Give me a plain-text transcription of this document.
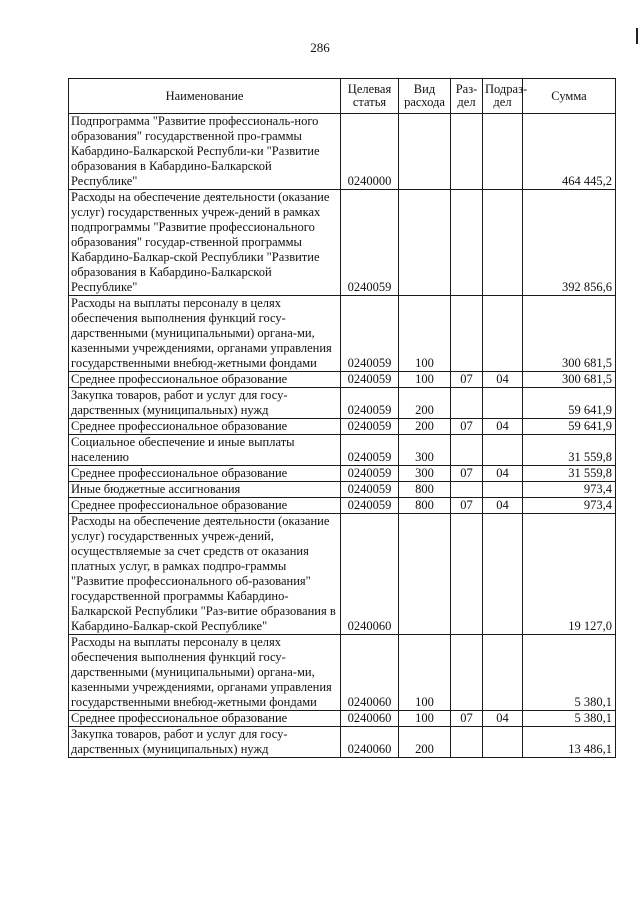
286
Наименование	Целевая статья	Вид расхода	Раз-дел	Подраз-дел	Сумма
Подпрограмма "Развитие профессиональ-ного образования" государственной про-граммы Кабардино-Балкарской Республи-ки "Развитие образования в Кабардино-Балкарской Республике"	0240000				464 445,2
Расходы на обеспечение деятельности (оказание услуг) государственных учреж-дений в рамках подпрограммы "Развитие профессионального образования" государ-ственной программы Кабардино-Балкар-ской Республики "Развитие образования в Кабардино-Балкарской Республике"	0240059				392 856,6
Расходы на выплаты персоналу в целях обеспечения выполнения функций госу-дарственными (муниципальными) органа-ми, казенными учреждениями, органами управления государственными внебюд-жетными фондами	0240059	100			300 681,5
Среднее профессиональное образование	0240059	100	07	04	300 681,5
Закупка товаров, работ и услуг для госу-дарственных (муниципальных) нужд	0240059	200			59 641,9
Среднее профессиональное образование	0240059	200	07	04	59 641,9
Социальное обеспечение и иные выплаты населению	0240059	300			31 559,8
Среднее профессиональное образование	0240059	300	07	04	31 559,8
Иные бюджетные ассигнования	0240059	800			973,4
Среднее профессиональное образование	0240059	800	07	04	973,4
Расходы на обеспечение деятельности (оказание услуг) государственных учреж-дений, осуществляемые за счет средств от оказания платных услуг, в рамках подпро-граммы "Развитие профессионального об-разования" государственной программы Кабардино-Балкарской Республики "Раз-витие образования в Кабардино-Балкар-ской Республике"	0240060				19 127,0
Расходы на выплаты персоналу в целях обеспечения выполнения функций госу-дарственными (муниципальными) органа-ми, казенными учреждениями, органами управления государственными внебюд-жетными фондами	0240060	100			5 380,1
Среднее профессиональное образование	0240060	100	07	04	5 380,1
Закупка товаров, работ и услуг для госу-дарственных (муниципальных) нужд	0240060	200			13 486,1
